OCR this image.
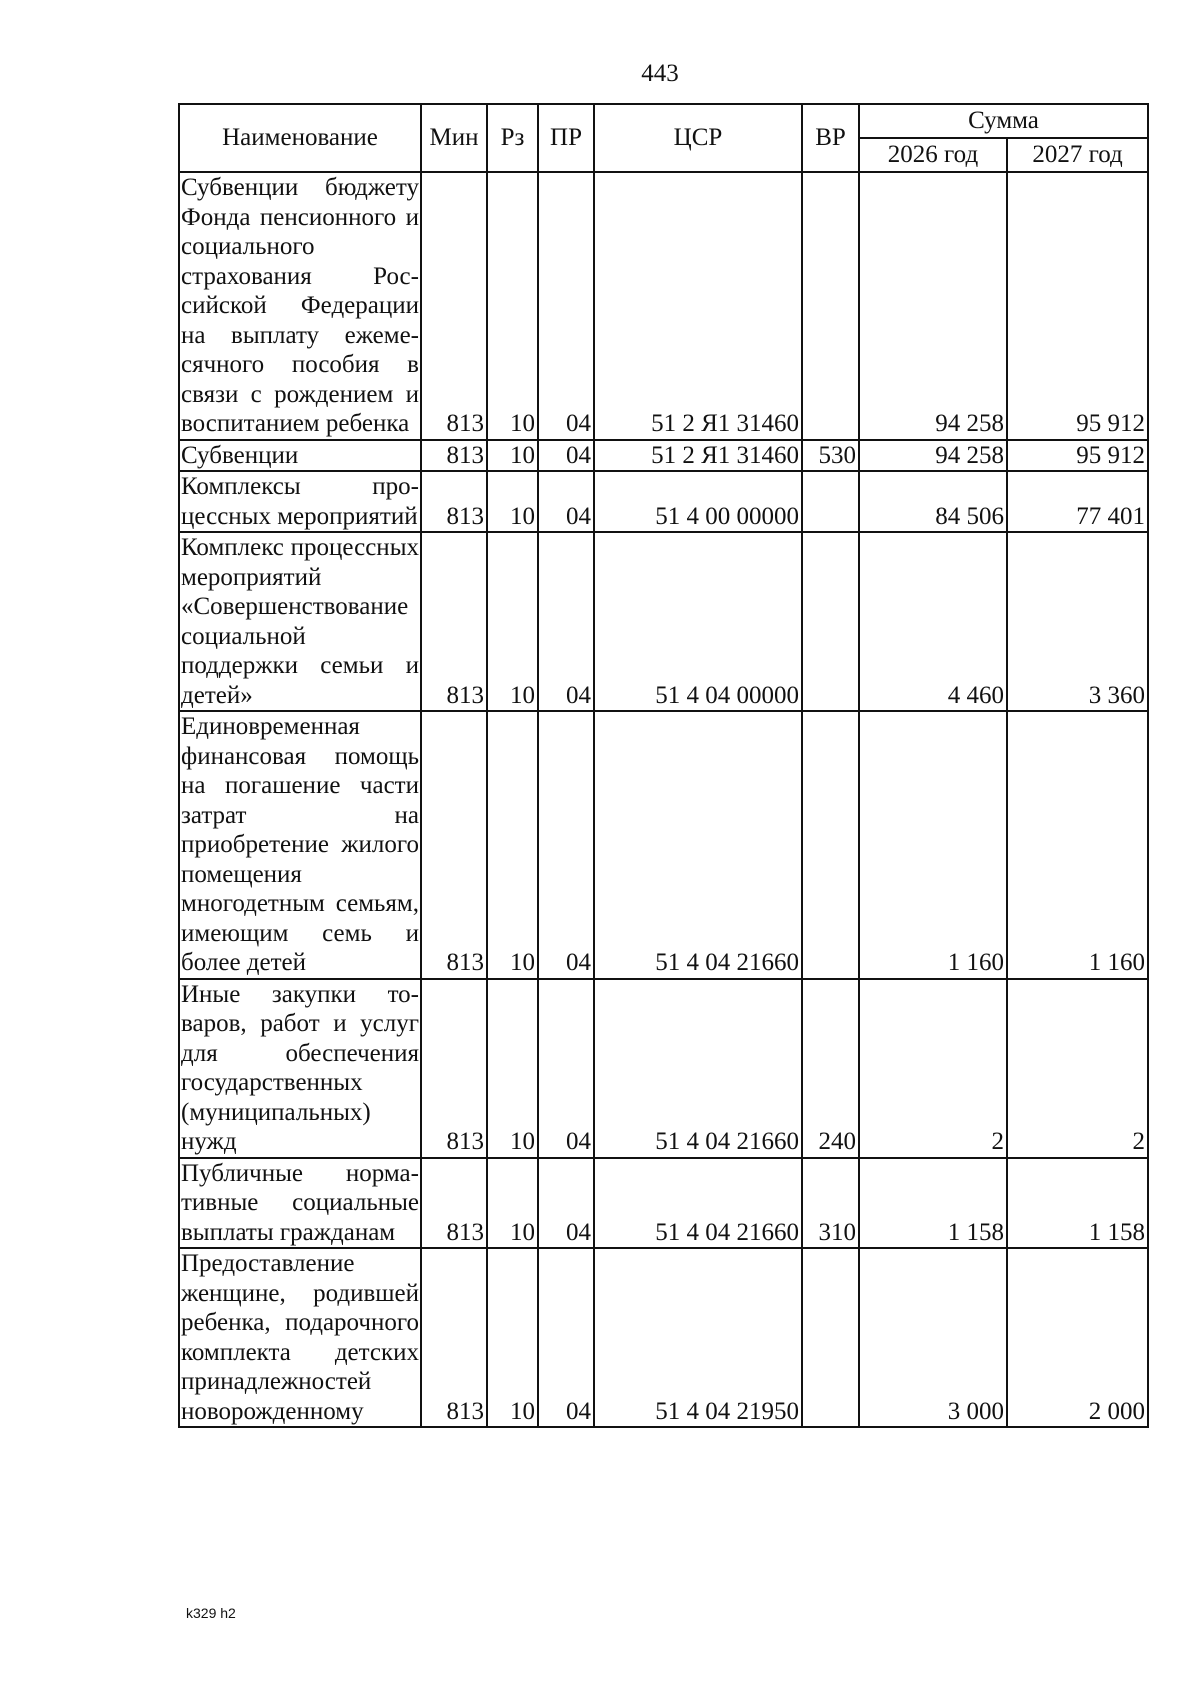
443
Наименование	Мин	Рз	ПР	ЦСР	ВР	Сумма	
						2026 год	2027 год
Субвенции бюджету Фонда пенсионного и социального страхования Российской Федерации на выплату ежемесячного пособия в связи с рождением и воспитанием ребенка	813	10	04	51 2 Я1 31460		94 258	95 912
Субвенции	813	10	04	51 2 Я1 31460	530	94 258	95 912
Комплексы процессных мероприятий	813	10	04	51 4 00 00000		84 506	77 401
Комплекс процессных мероприятий «Совершенствование социальной поддержки семьи и детей»	813	10	04	51 4 04 00000		4 460	3 360
Единовременная финансовая помощь на погашение части затрат на приобретение жилого помещения многодетным семьям, имеющим семь и более детей	813	10	04	51 4 04 21660		1 160	1 160
Иные закупки товаров, работ и услуг для обеспечения государственных (муниципальных) нужд	813	10	04	51 4 04 21660	240	2	2
Публичные нормативные социальные выплаты гражданам	813	10	04	51 4 04 21660	310	1 158	1 158
Предоставление женщине, родившей ребенка, подарочного комплекта детских принадлежностей новорожденному	813	10	04	51 4 04 21950		3 000	2 000
k329 h2
